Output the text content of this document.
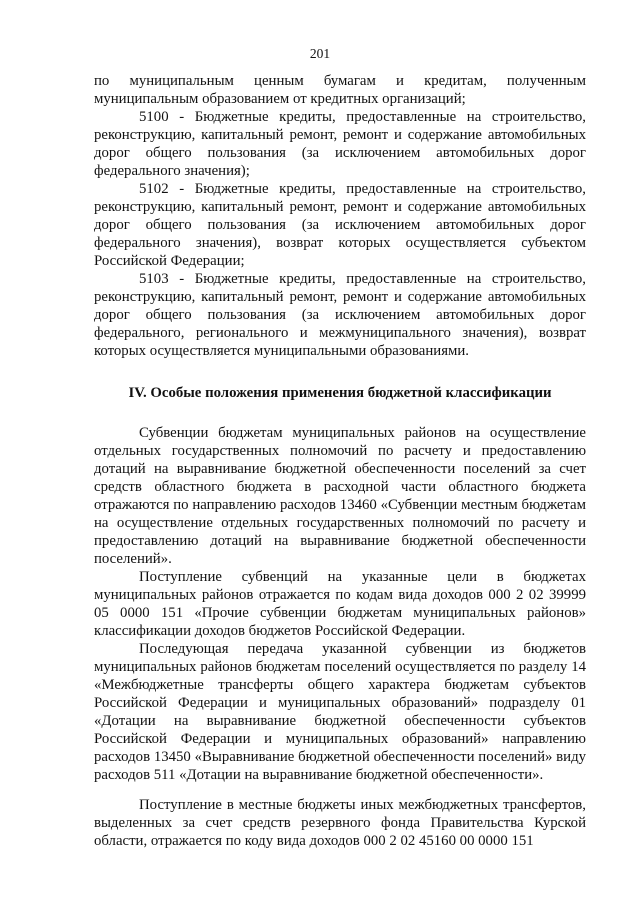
201

по муниципальным ценным бумагам и кредитам, полученным муниципальным образованием от кредитных организаций;

5100 - Бюджетные кредиты, предоставленные на строительство, реконструкцию, капитальный ремонт, ремонт и содержание автомобильных дорог общего пользования (за исключением автомобильных дорог федерального значения);

5102 - Бюджетные кредиты, предоставленные на строительство, реконструкцию, капитальный ремонт, ремонт и содержание автомобильных дорог общего пользования (за исключением автомобильных дорог федерального значения), возврат которых осуществляется субъектом Российской Федерации;

5103 - Бюджетные кредиты, предоставленные на строительство, реконструкцию, капитальный ремонт, ремонт и содержание автомобильных дорог общего пользования (за исключением автомобильных дорог федерального, регионального и межмуниципального значения), возврат которых осуществляется муниципальными образованиями.

IV. Особые положения применения бюджетной классификации

Субвенции бюджетам муниципальных районов на осуществление отдельных государственных полномочий по расчету и предоставлению дотаций на выравнивание бюджетной обеспеченности поселений за счет средств областного бюджета в расходной части областного бюджета отражаются по направлению расходов 13460 «Субвенции местным бюджетам на осуществление отдельных государственных полномочий по расчету и предоставлению дотаций на выравнивание бюджетной обеспеченности поселений».

Поступление субвенций на указанные цели в бюджетах муниципальных районов отражается по кодам вида доходов 000 2 02 39999 05 0000 151 «Прочие субвенции бюджетам муниципальных районов» классификации доходов бюджетов Российской Федерации.

Последующая передача указанной субвенции из бюджетов муниципальных районов бюджетам поселений осуществляется по разделу 14 «Межбюджетные трансферты общего характера бюджетам субъектов Российской Федерации и муниципальных образований» подразделу 01 «Дотации на выравнивание бюджетной обеспеченности субъектов Российской Федерации и муниципальных образований» направлению расходов 13450 «Выравнивание бюджетной обеспеченности поселений» виду расходов 511 «Дотации на выравнивание бюджетной обеспеченности».

Поступление в местные бюджеты иных межбюджетных трансфертов, выделенных за счет средств резервного фонда Правительства Курской области, отражается по коду вида доходов 000 2 02 45160 00 0000 151
